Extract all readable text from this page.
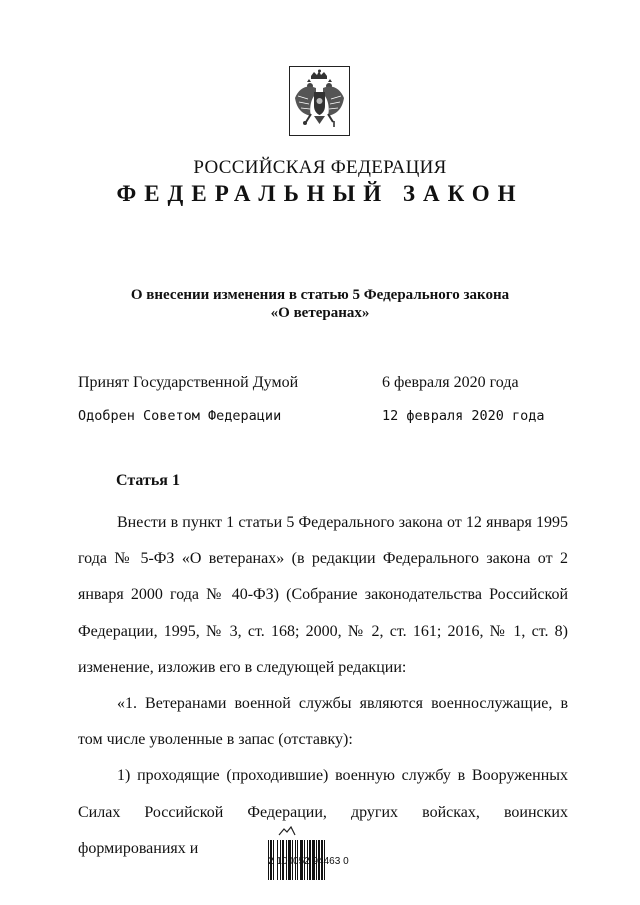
РОССИЙСКАЯ ФЕДЕРАЦИЯ
ФЕДЕРАЛЬНЫЙ ЗАКОН
О внесении изменения в статью 5 Федерального закона
«О ветеранах»
Принят Государственной Думой	6 февраля 2020 года
Одобрен Советом Федерации	12 февраля 2020 года
Статья 1

Внести в пункт 1 статьи 5 Федерального закона от 12 января 1995 года № 5-ФЗ «О ветеранах» (в редакции Федерального закона от 2 января 2000 года № 40-ФЗ) (Собрание законодательства Российской Федерации, 1995, № 3, ст. 168; 2000, № 2, ст. 161; 2016, № 1, ст. 8) изменение, изложив его в следующей редакции:

«1. Ветеранами военной службы являются военнослужащие, в том числе уволенные в запас (отставку):

1) проходящие (проходившие) военную службу в Вооруженных Силах Российской Федерации, других войсках, воинских формированиях и

2 100052 94463 0
